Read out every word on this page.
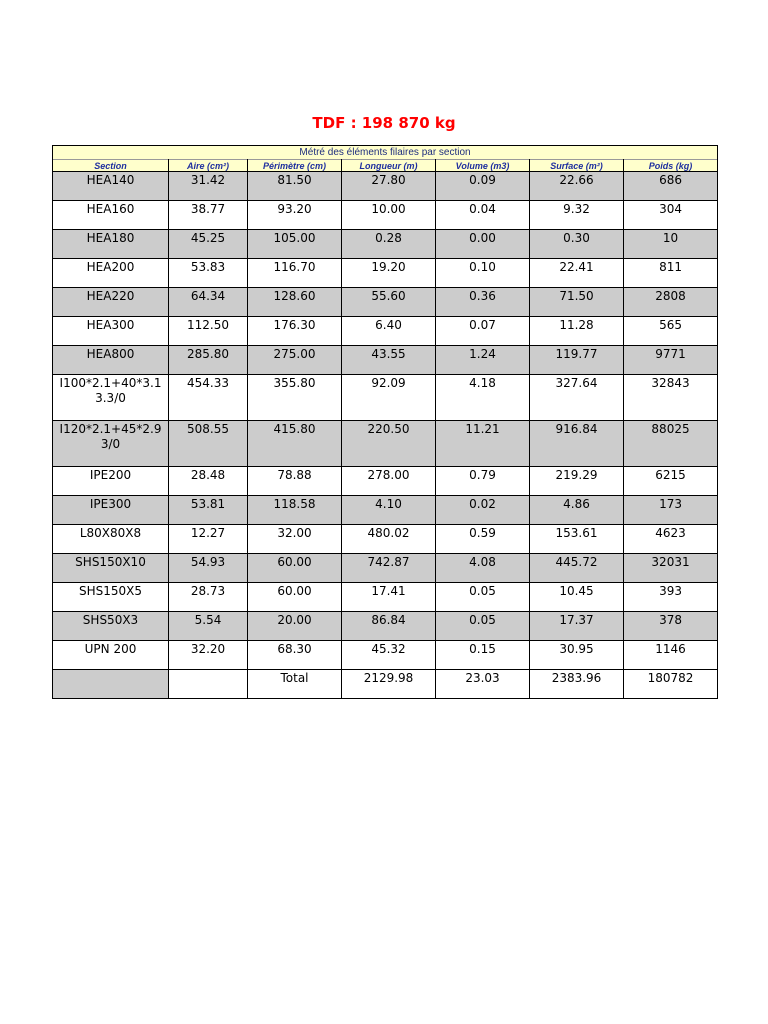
TDF : 198 870 kg
Métré des éléments filaires par section						
Section	Aire (cm²)	Périmètre (cm)	Longueur (m)	Volume (m3)	Surface (m²)	Poids (kg)
HEA140	31.42	81.50	27.80	0.09	22.66	686
HEA160	38.77	93.20	10.00	0.04	9.32	304
HEA180	45.25	105.00	0.28	0.00	0.30	10
HEA200	53.83	116.70	19.20	0.10	22.41	811
HEA220	64.34	128.60	55.60	0.36	71.50	2808
HEA300	112.50	176.30	6.40	0.07	11.28	565
HEA800	285.80	275.00	43.55	1.24	119.77	9771
I100*2.1+40*3.1 3.3/0	454.33	355.80	92.09	4.18	327.64	32843
I120*2.1+45*2.9 3/0	508.55	415.80	220.50	11.21	916.84	88025
IPE200	28.48	78.88	278.00	0.79	219.29	6215
IPE300	53.81	118.58	4.10	0.02	4.86	173
L80X80X8	12.27	32.00	480.02	0.59	153.61	4623
SHS150X10	54.93	60.00	742.87	4.08	445.72	32031
SHS150X5	28.73	60.00	17.41	0.05	10.45	393
SHS50X3	5.54	20.00	86.84	0.05	17.37	378
UPN 200	32.20	68.30	45.32	0.15	30.95	1146
		Total	2129.98	23.03	2383.96	180782
